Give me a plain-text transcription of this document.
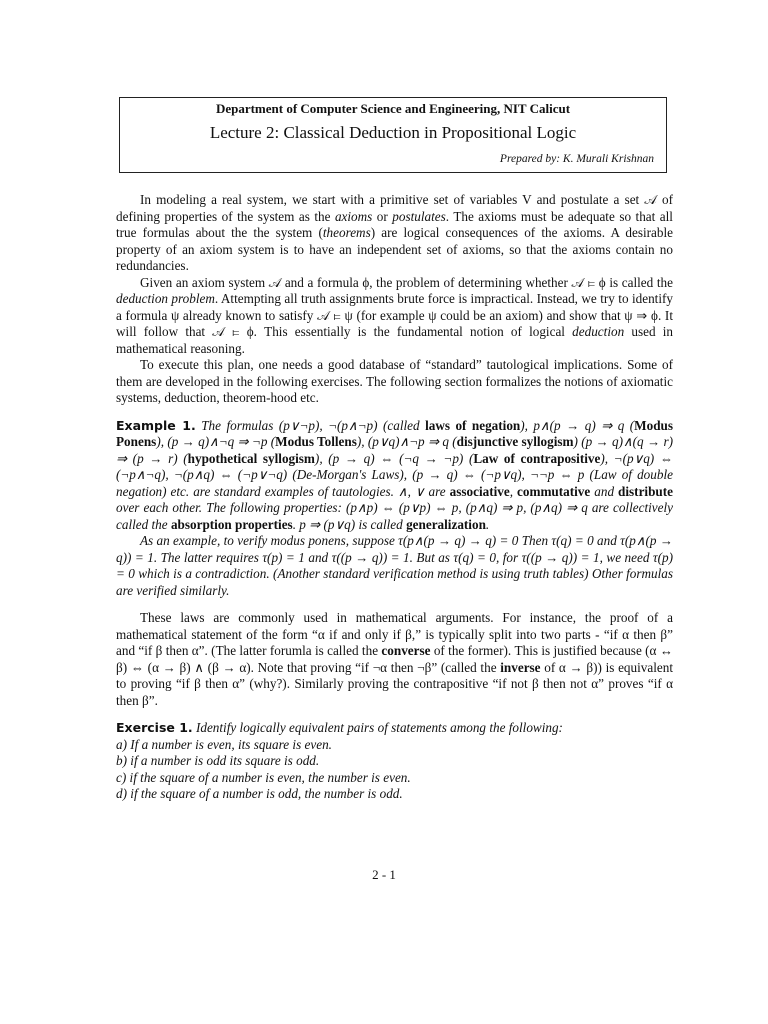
Department of Computer Science and Engineering, NIT Calicut
Lecture 2: Classical Deduction in Propositional Logic
Prepared by: K. Murali Krishnan

In modeling a real system, we start with a primitive set of variables V and postulate a set 𝒜 of defining properties of the system as the axioms or postulates. The axioms must be adequate so that all true formulas about the the system (theorems) are logical consequences of the axioms. A desirable property of an axiom system is to have an independent set of axioms, so that the axioms contain no redundancies.

Given an axiom system 𝒜 and a formula ϕ, the problem of determining whether 𝒜 ⊨ ϕ is called the deduction problem. Attempting all truth assignments brute force is impractical. Instead, we try to identify a formula ψ already known to satisfy 𝒜 ⊨ ψ (for example ψ could be an axiom) and show that ψ ⇒ ϕ. It will follow that 𝒜 ⊨ ϕ. This essentially is the fundamental notion of logical deduction used in mathematical reasoning.

To execute this plan, one needs a good database of “standard” tautological implications. Some of them are developed in the following exercises. The following section formalizes the notions of axiomatic systems, deduction, theorem-hood etc.

Example 1. The formulas (p∨¬p), ¬(p∧¬p) (called laws of negation), p∧(p → q) ⇒ q (Modus Ponens), (p → q)∧¬q ⇒ ¬p (Modus Tollens), (p∨q)∧¬p ⇒ q (disjunctive syllogism) (p → q)∧(q → r) ⇒ (p → r) (hypothetical syllogism), (p → q) ⇔ (¬q → ¬p) (Law of contrapositive), ¬(p∨q) ⇔ (¬p∧¬q), ¬(p∧q) ⇔ (¬p∨¬q) (De-Morgan's Laws), (p → q) ⇔ (¬p∨q), ¬¬p ⇔ p (Law of double negation) etc. are standard examples of tautologies. ∧, ∨ are associative, commutative and distribute over each other. The following properties: (p∧p) ⇔ (p∨p) ⇔ p, (p∧q) ⇒ p, (p∧q) ⇒ q are collectively called the absorption properties. p ⇒ (p∨q) is called generalization.

As an example, to verify modus ponens, suppose τ(p∧(p → q) → q) = 0 Then τ(q) = 0 and τ(p∧(p → q)) = 1. The latter requires τ(p) = 1 and τ((p → q)) = 1. But as τ(q) = 0, for τ((p → q)) = 1, we need τ(p) = 0 which is a contradiction. (Another standard verification method is using truth tables) Other formulas are verified similarly.

These laws are commonly used in mathematical arguments. For instance, the proof of a mathematical statement of the form “α if and only if β,” is typically split into two parts - “if α then β” and “if β then α”. (The latter forumla is called the converse of the former). This is justified because (α ↔ β) ⇔ (α → β) ∧ (β → α). Note that proving “if ¬α then ¬β” (called the inverse of α → β)) is equivalent to proving “if β then α” (why?). Similarly proving the contrapositive “if not β then not α” proves “if α then β”.

Exercise 1. Identify logically equivalent pairs of statements among the following:

a) If a number is even, its square is even.

b) if a number is odd its square is odd.

c) if the square of a number is even, the number is even.

d) if the square of a number is odd, the number is odd.

2 - 1
